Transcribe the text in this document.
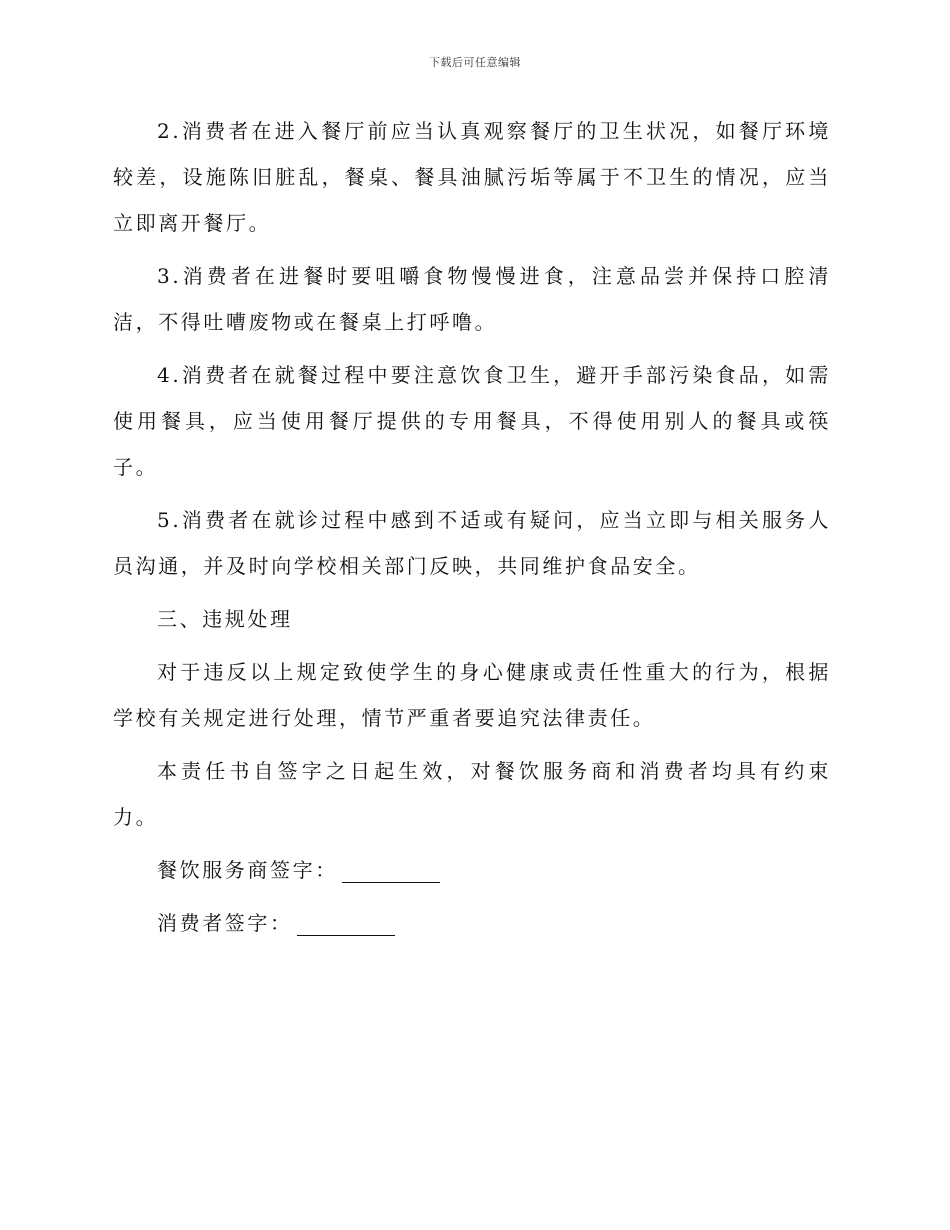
下载后可任意编辑

2.消费者在进入餐厅前应当认真观察餐厅的卫生状况，如餐厅环境较差，设施陈旧脏乱，餐桌、餐具油腻污垢等属于不卫生的情况，应当立即离开餐厅。

3.消费者在进餐时要咀嚼食物慢慢进食，注意品尝并保持口腔清洁，不得吐嘈废物或在餐桌上打呼噜。

4.消费者在就餐过程中要注意饮食卫生，避开手部污染食品，如需使用餐具，应当使用餐厅提供的专用餐具，不得使用别人的餐具或筷子。

5.消费者在就诊过程中感到不适或有疑问，应当立即与相关服务人员沟通，并及时向学校相关部门反映，共同维护食品安全。

三、违规处理

对于违反以上规定致使学生的身心健康或责任性重大的行为，根据学校有关规定进行处理，情节严重者要追究法律责任。

本责任书自签字之日起生效，对餐饮服务商和消费者均具有约束力。

餐饮服务商签字：

消费者签字：
